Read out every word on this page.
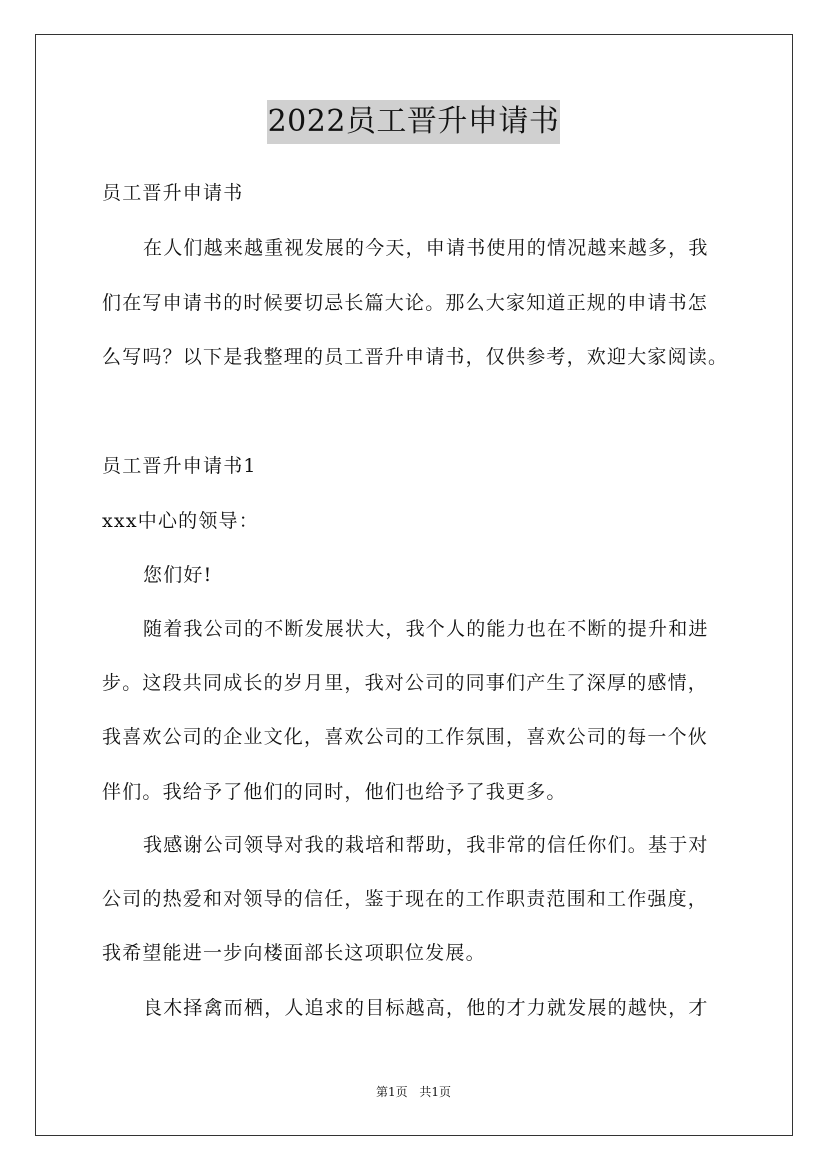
2022员工晋升申请书
员工晋升申请书
在人们越来越重视发展的今天，申请书使用的情况越来越多，我
们在写申请书的时候要切忌长篇大论。那么大家知道正规的申请书怎
么写吗？以下是我整理的员工晋升申请书，仅供参考，欢迎大家阅读。
员工晋升申请书1
xxx中心的领导：
您们好!
随着我公司的不断发展状大，我个人的能力也在不断的提升和进
步。这段共同成长的岁月里，我对公司的同事们产生了深厚的感情，
我喜欢公司的企业文化，喜欢公司的工作氛围，喜欢公司的每一个伙
伴们。我给予了他们的同时，他们也给予了我更多。
我感谢公司领导对我的栽培和帮助，我非常的信任你们。基于对
公司的热爱和对领导的信任，鉴于现在的工作职责范围和工作强度，
我希望能进一步向楼面部长这项职位发展。
良木择禽而栖，人追求的目标越高，他的才力就发展的越快，才
第1页 共1页
